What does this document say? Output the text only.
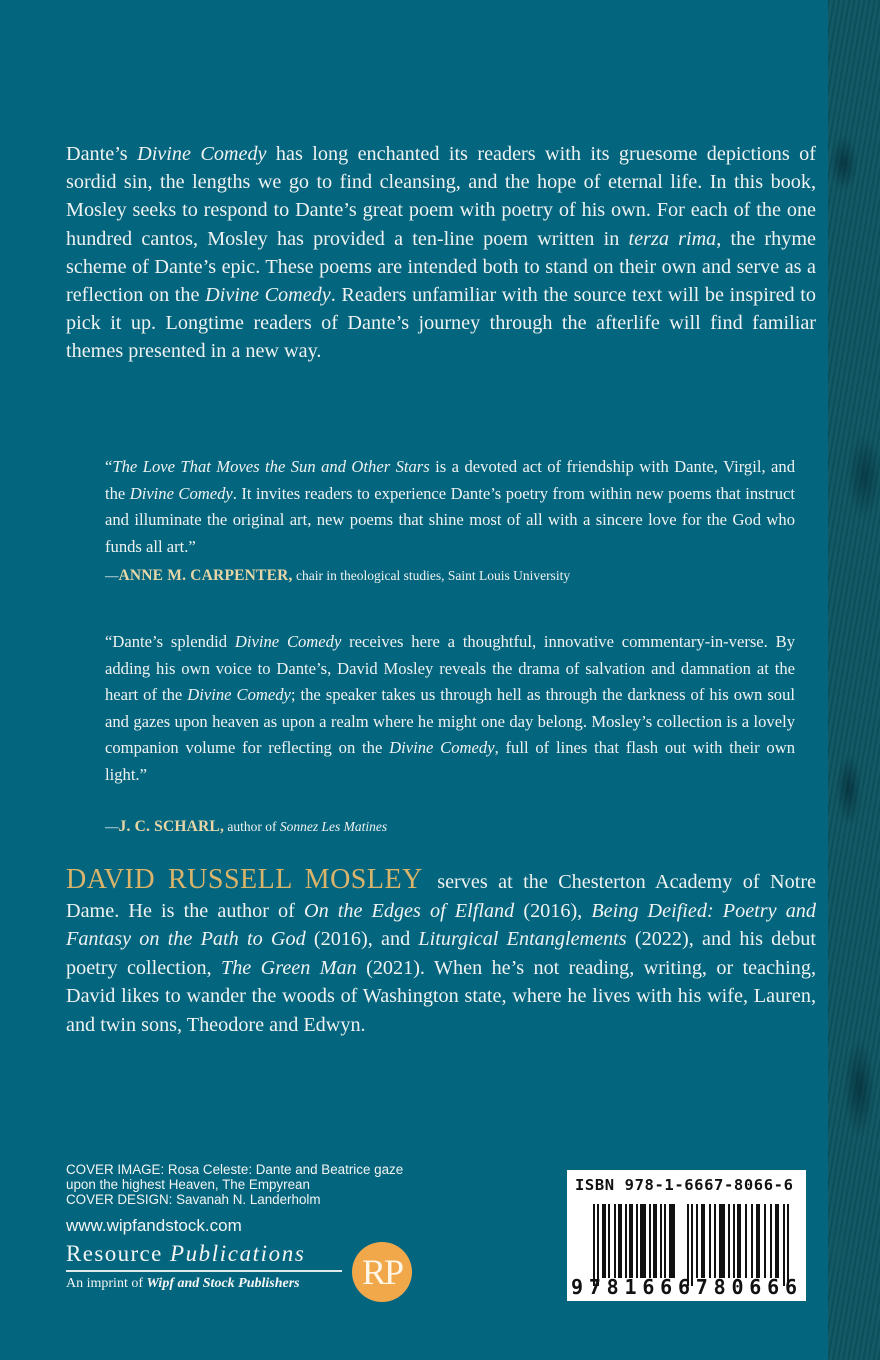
Dante’s Divine Comedy has long enchanted its readers with its gruesome depictions of sordid sin, the lengths we go to find cleansing, and the hope of eternal life. In this book, Mosley seeks to respond to Dante’s great poem with poetry of his own. For each of the one hundred cantos, Mosley has provided a ten-line poem written in terza rima, the rhyme scheme of Dante’s epic. These poems are intended both to stand on their own and serve as a reflection on the Divine Comedy. Readers unfamiliar with the source text will be inspired to pick it up. Longtime readers of Dante’s journey through the afterlife will find familiar themes presented in a new way.

“The Love That Moves the Sun and Other Stars is a devoted act of friendship with Dante, Virgil, and the Divine Comedy. It invites readers to experience Dante’s poetry from within new poems that instruct and illuminate the original art, new poems that shine most of all with a sincere love for the God who funds all art.”

—ANNE M. CARPENTER, chair in theological studies, Saint Louis University

“Dante’s splendid Divine Comedy receives here a thoughtful, innovative commentary-in-verse. By adding his own voice to Dante’s, David Mosley reveals the drama of salvation and damnation at the heart of the Divine Comedy; the speaker takes us through hell as through the darkness of his own soul and gazes upon heaven as upon a realm where he might one day belong. Mosley’s collection is a lovely companion volume for reflecting on the Divine Comedy, full of lines that flash out with their own light.”

—J. C. SCHARL, author of Sonnez Les Matines

DAVID RUSSELL MOSLEY serves at the Chesterton Academy of Notre Dame. He is the author of On the Edges of Elfland (2016), Being Deified: Poetry and Fantasy on the Path to God (2016), and Liturgical Entanglements (2022), and his debut poetry collection, The Green Man (2021). When he’s not reading, writing, or teaching, David likes to wander the woods of Washington state, where he lives with his wife, Lauren, and twin sons, Theodore and Edwyn.

COVER IMAGE: Rosa Celeste: Dante and Beatrice gaze
upon the highest Heaven, The Empyrean
COVER DESIGN: Savanah N. Landerholm
www.wipfandstock.com
Resource Publications
An imprint of Wipf and Stock Publishers	RP
ISBN 978-1-6667-8066-6
9 7 8 1 6 6 6 7 8 0 6 6 6
